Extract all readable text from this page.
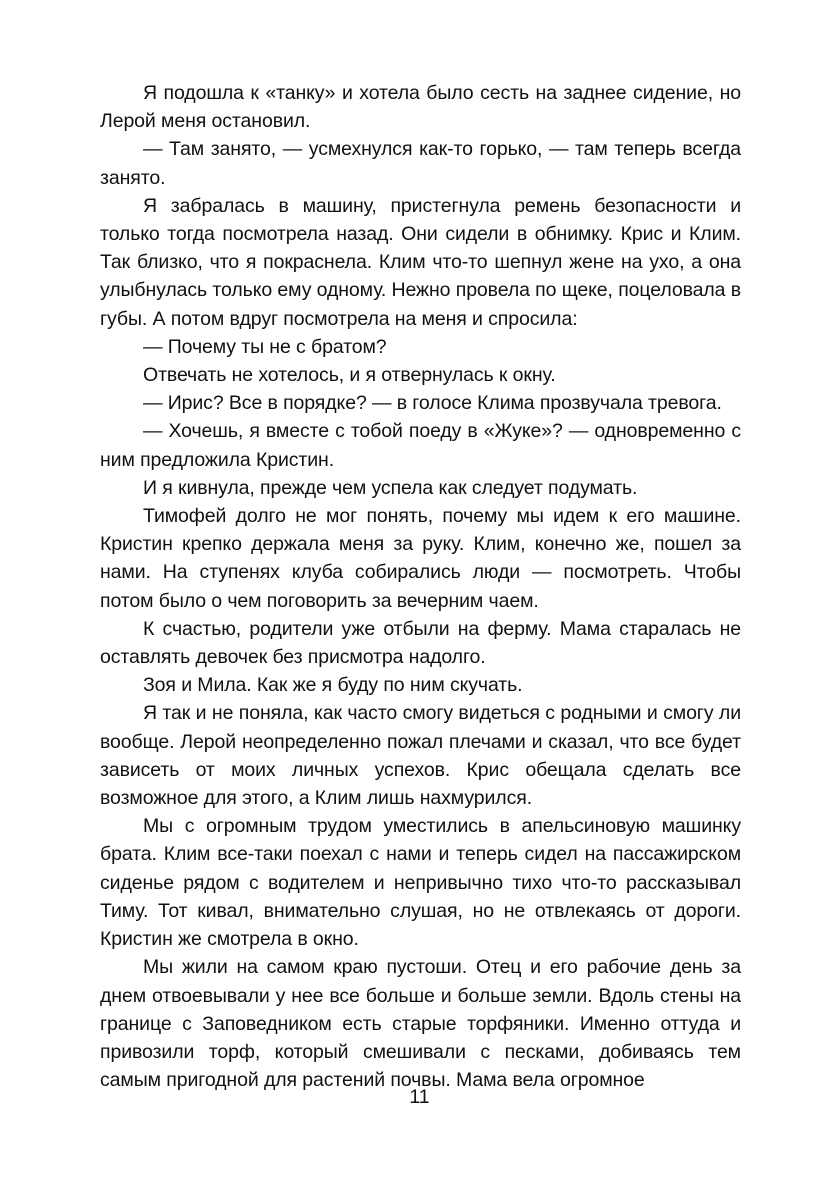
Я подошла к «танку» и хотела было сесть на заднее сидение, но Лерой меня остановил.

— Там занято, — усмехнулся как-то горько, — там теперь всегда занято.

Я забралась в машину, пристегнула ремень безопасности и только тогда посмотрела назад. Они сидели в обнимку. Крис и Клим. Так близко, что я покраснела. Клим что-то шепнул жене на ухо, а она улыбнулась только ему одному. Нежно провела по щеке, поцеловала в губы. А потом вдруг посмотрела на меня и спросила:

— Почему ты не с братом?

Отвечать не хотелось, и я отвернулась к окну.

— Ирис? Все в порядке? — в голосе Клима прозвучала тревога.

— Хочешь, я вместе с тобой поеду в «Жуке»? — одновременно с ним предложила Кристин.

И я кивнула, прежде чем успела как следует подумать.

Тимофей долго не мог понять, почему мы идем к его машине. Кристин крепко держала меня за руку. Клим, конечно же, пошел за нами. На ступенях клуба собирались люди — посмотреть. Чтобы потом было о чем поговорить за вечерним чаем.

К счастью, родители уже отбыли на ферму. Мама старалась не оставлять девочек без присмотра надолго.

Зоя и Мила. Как же я буду по ним скучать.

Я так и не поняла, как часто смогу видеться с родными и смогу ли вообще. Лерой неопределенно пожал плечами и сказал, что все будет зависеть от моих личных успехов. Крис обещала сделать все возможное для этого, а Клим лишь нахмурился.

Мы с огромным трудом уместились в апельсиновую машинку брата. Клим все-таки поехал с нами и теперь сидел на пассажирском сиденье рядом с водителем и непривычно тихо что-то рассказывал Тиму. Тот кивал, внимательно слушая, но не отвлекаясь от дороги. Кристин же смотрела в окно.

Мы жили на самом краю пустоши. Отец и его рабочие день за днем отвоевывали у нее все больше и больше земли. Вдоль стены на границе с Заповедником есть старые торфяники. Именно оттуда и привозили торф, который смешивали с песками, добиваясь тем самым пригодной для растений почвы. Мама вела огромное

11
